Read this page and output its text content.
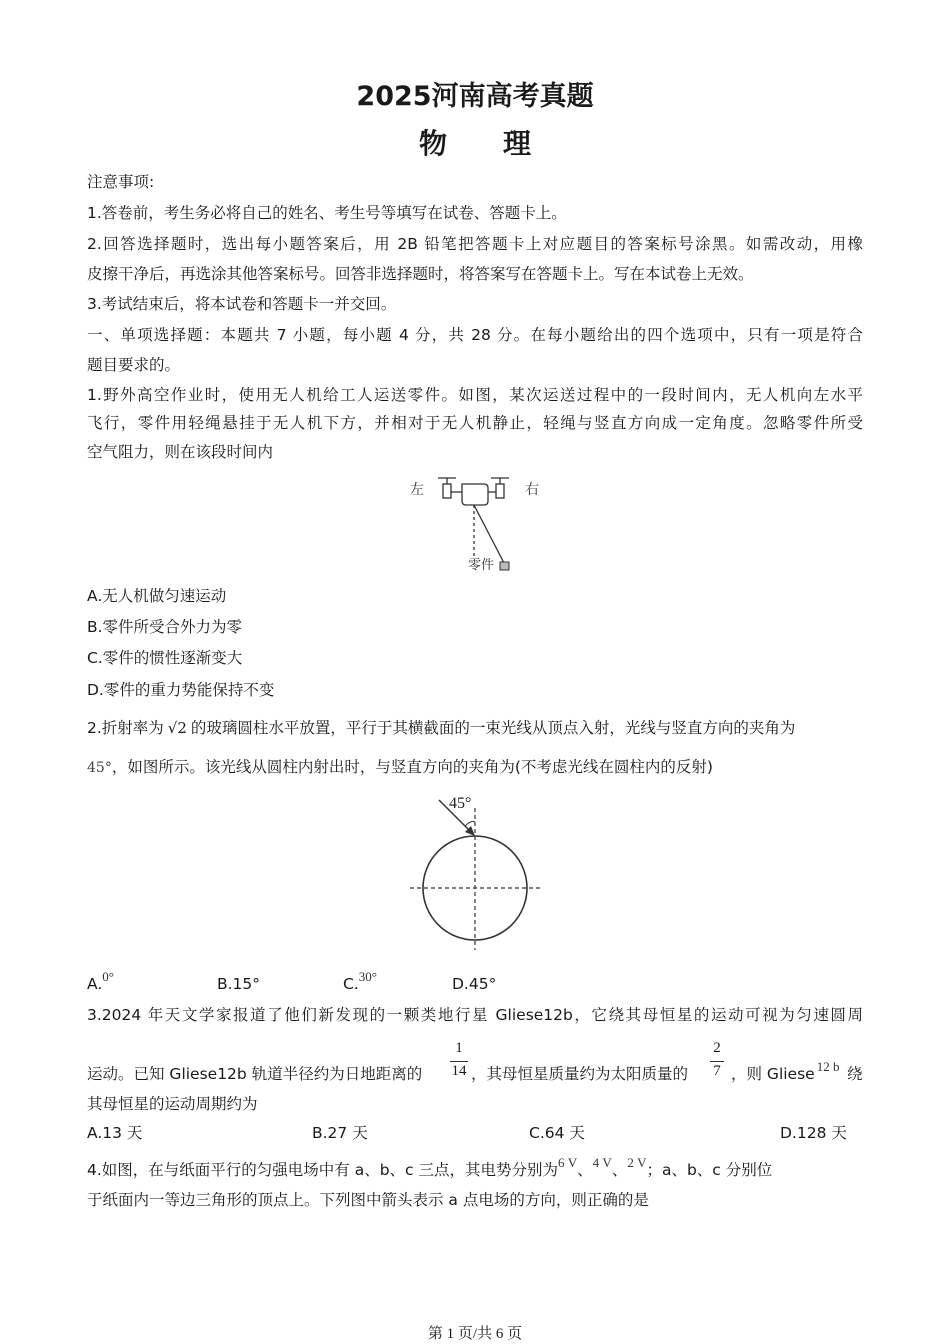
2025河南高考真题
物　　理
注意事项:
1.答卷前，考生务必将自己的姓名、考生号等填写在试卷、答题卡上。
2.回答选择题时，选出每小题答案后，用 2B 铅笔把答题卡上对应题目的答案标号涂黑。如需改动，用橡
皮擦干净后，再选涂其他答案标号。回答非选择题时，将答案写在答题卡上。写在本试卷上无效。
3.考试结束后，将本试卷和答题卡一并交回。
一、单项选择题：本题共 7 小题，每小题 4 分，共 28 分。在每小题给出的四个选项中，只有一项是符合
题目要求的。
1.野外高空作业时，使用无人机给工人运送零件。如图，某次运送过程中的一段时间内，无人机向左水平
飞行，零件用轻绳悬挂于无人机下方，并相对于无人机静止，轻绳与竖直方向成一定角度。忽略零件所受
空气阻力，则在该段时间内
左	右
零件
A.无人机做匀速运动
B.零件所受合外力为零
C.零件的惯性逐渐变大
D.零件的重力势能保持不变
2.折射率为 √2 的玻璃圆柱水平放置，平行于其横截面的一束光线从顶点入射，光线与竖直方向的夹角为
45°，如图所示。该光线从圆柱内射出时，与竖直方向的夹角为(不考虑光线在圆柱内的反射)
45°
A.$^{0^\circ}$	B.15°	C.$^{30^\circ}$	D.45°
3.2024 年天文学家报道了他们新发现的一颗类地行星 Gliese12b，它绕其母恒星的运动可视为匀速圆周
运动。已知 Gliese12b 轨道半径约为日地距离的
1
14 ，其母恒星质量约为太阳质量的
2
7 ，则 Gliese $^{12 b}$ 绕
其母恒星的运动周期约为
A.13 天	B.27 天	C.64 天	D.128 天
4.如图，在与纸面平行的匀强电场中有 a、b、c 三点，其电势分别为$^{6 V}$、$^{4 V}$、$^{2 V}$；a、b、c 分别位
于纸面内一等边三角形的顶点上。下列图中箭头表示 a 点电场的方向，则正确的是
第 1 页/共 6 页
